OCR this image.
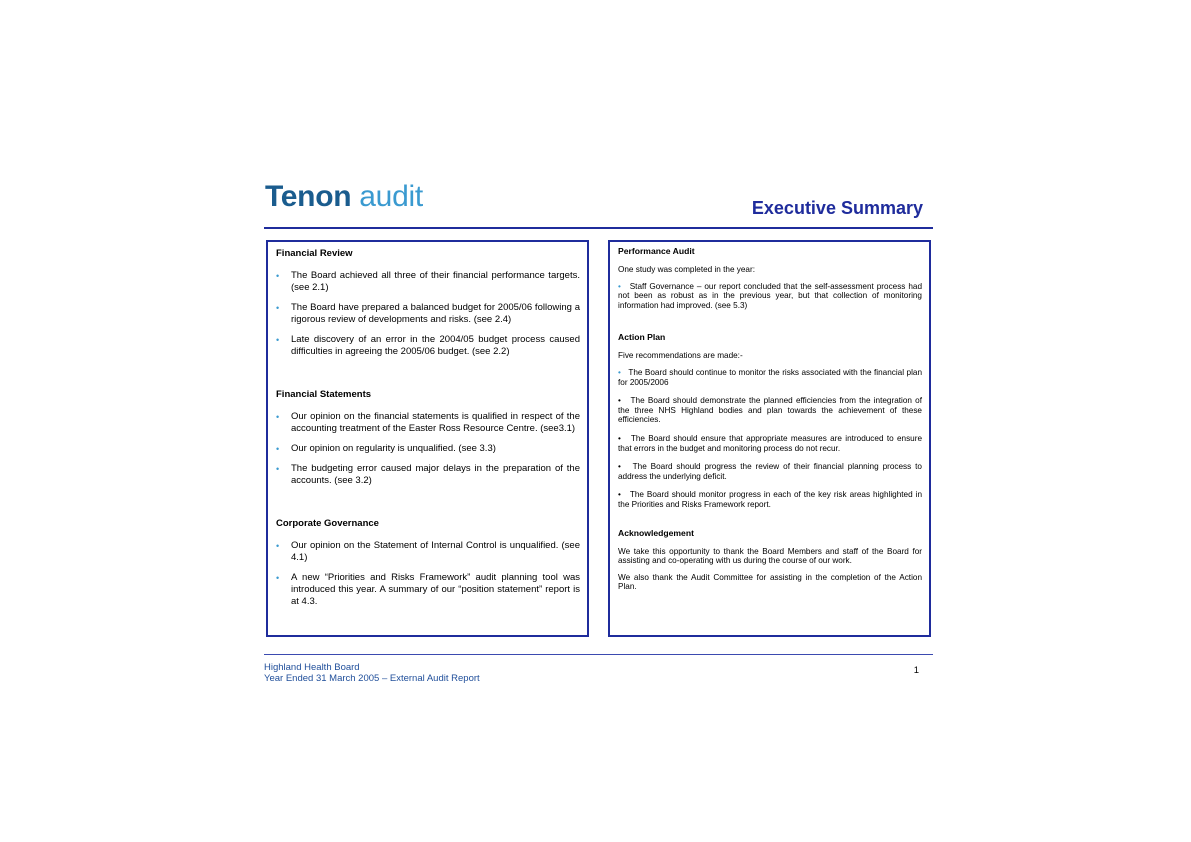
Tenon audit	Executive Summary
Financial Review
• The Board achieved all three of their financial performance targets.(see 2.1)
• The Board have prepared a balanced budget for 2005/06 following a rigorous review of developments and risks. (see 2.4)
• Late discovery of an error in the 2004/05 budget process caused difficulties in agreeing the 2005/06 budget. (see 2.2)
Financial Statements
• Our opinion on the financial statements is qualified in respect of the accounting treatment of the Easter Ross Resource Centre. (see3.1)
• Our opinion on regularity is unqualified. (see 3.3)
• The budgeting error caused major delays in the preparation of the accounts. (see 3.2)
Corporate Governance
• Our opinion on the Statement of Internal Control is unqualified. (see 4.1)
• A new “Priorities and Risks Framework” audit planning tool was introduced this year. A summary of our “position statement” report is at 4.3.
Performance Audit

One study was completed in the year:

• Staff Governance – our report concluded that the self-assessment process had not been as robust as in the previous year, but that collection of monitoring information had improved. (see 5.3)
Action Plan

Five recommendations are made:-

• The Board should continue to monitor the risks associated with the financial plan for 2005/2006
• The Board should demonstrate the planned efficiencies from the integration of the three NHS Highland bodies and plan towards the achievement of these efficiencies.
• The Board should ensure that appropriate measures are introduced to ensure that errors in the budget and monitoring process do not recur.
• The Board should progress the review of their financial planning process to address the underlying deficit.
• The Board should monitor progress in each of the key risk areas highlighted in the Priorities and Risks Framework report.
Acknowledgement

We take this opportunity to thank the Board Members and staff of the Board for assisting and co-operating with us during the course of our work.

We also thank the Audit Committee for assisting in the completion of the Action Plan.

Highland Health Board
Year Ended 31 March 2005 – External Audit Report
1
